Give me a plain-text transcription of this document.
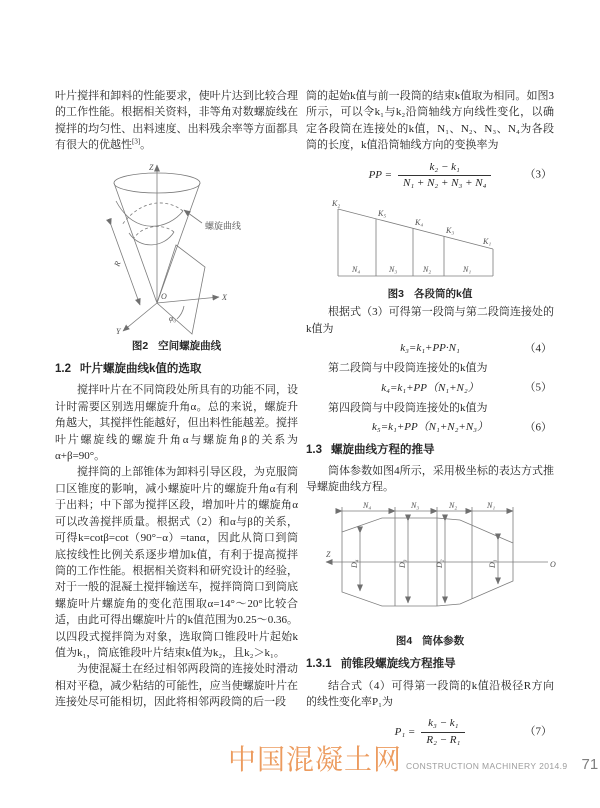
叶片搅拌和卸料的性能要求，使叶片达到比较合理的工作性能。根据相关资料，非等角对数螺旋线在搅拌的均匀性、出料速度、出料残余率等方面都具有很大的优越性[3]。

Z
X
Y
O
R
螺旋曲线
φ₀
图2 空间螺旋曲线
1.2 叶片螺旋曲线k值的选取

搅拌叶片在不同筒段处所具有的功能不同，设计时需要区别选用螺旋升角α。总的来说，螺旋升角越大，其搅拌性能越好，但出料性能越差。搅拌叶片螺旋线的螺旋升角α与螺旋角β的关系为α+β=90°。

搅拌筒的上部锥体为卸料引导区段，为克服筒口区锥度的影响，减小螺旋叶片的螺旋升角α有利于出料；中下部为搅拌区段，增加叶片的螺旋角α可以改善搅拌质量。根据式（2）和α与β的关系，可得k=cotβ=cot（90°−α）=tanα，因此从筒口到筒底按线性比例关系逐步增加k值，有利于提高搅拌筒的工作性能。根据相关资料和研究设计的经验，对于一般的混凝土搅拌输送车，搅拌筒筒口到筒底螺旋叶片螺旋角的变化范围取α=14°～20°比较合适，由此可得出螺旋叶片的k值范围为0.25～0.36。以四段式搅拌筒为对象，选取筒口锥段叶片起始k值为k₁，筒底锥段叶片结束k值为k₂，且k₂＞k₁。

为使混凝土在经过相邻两段筒的连接处时滑动相对平稳，减少粘结的可能性，应当使螺旋叶片在连接处尽可能相切，因此将相邻两段筒的后一段

筒的起始k值与前一段筒的结束k值取为相同。如图3所示，可以令k₁与k₂沿筒轴线方向线性变化，以确定各段筒在连接处的k值，N₁、N₂、N₃、N₄为各段筒的长度，k值沿筒轴线方向的变换率为

PP = $\frac{\text{k₂ − k₁}}{\text{N₁ + N₂ + N₃ + N₄}}$	（3）
K₂
K₅
K₄
K₃
K₁
N₄	N₃	N₂	N₁
图3 各段筒的k值

根据式（3）可得第一段筒与第二段筒连接处的k值为

k₃=k₁+PP·N₁	（4）

第二段筒与中段筒连接处的k值为

k₄=k₁+PP（N₁+N₂）	（5）

第四段筒与中段筒连接处的k值为

k₅=k₁+PP（N₁+N₂+N₃）	（6）
1.3 螺旋曲线方程的推导

筒体参数如图4所示，采用极坐标的表达方式推导螺旋曲线方程。

Z
O
N₄	N₃	N₂	N₁
D₄	D₃	D₂	D₁
图4 筒体参数
1.3.1 前锥段螺旋线方程推导

结合式（4）可得第一段筒的k值沿极径R方向的线性变化率P₁为

$P_1 = \frac{\text{k₃ − k₁}}{\text{R₂ − R₁}}$	（7）
中国混凝土网 CONSTRUCTION MACHINERY 2014.9 71
